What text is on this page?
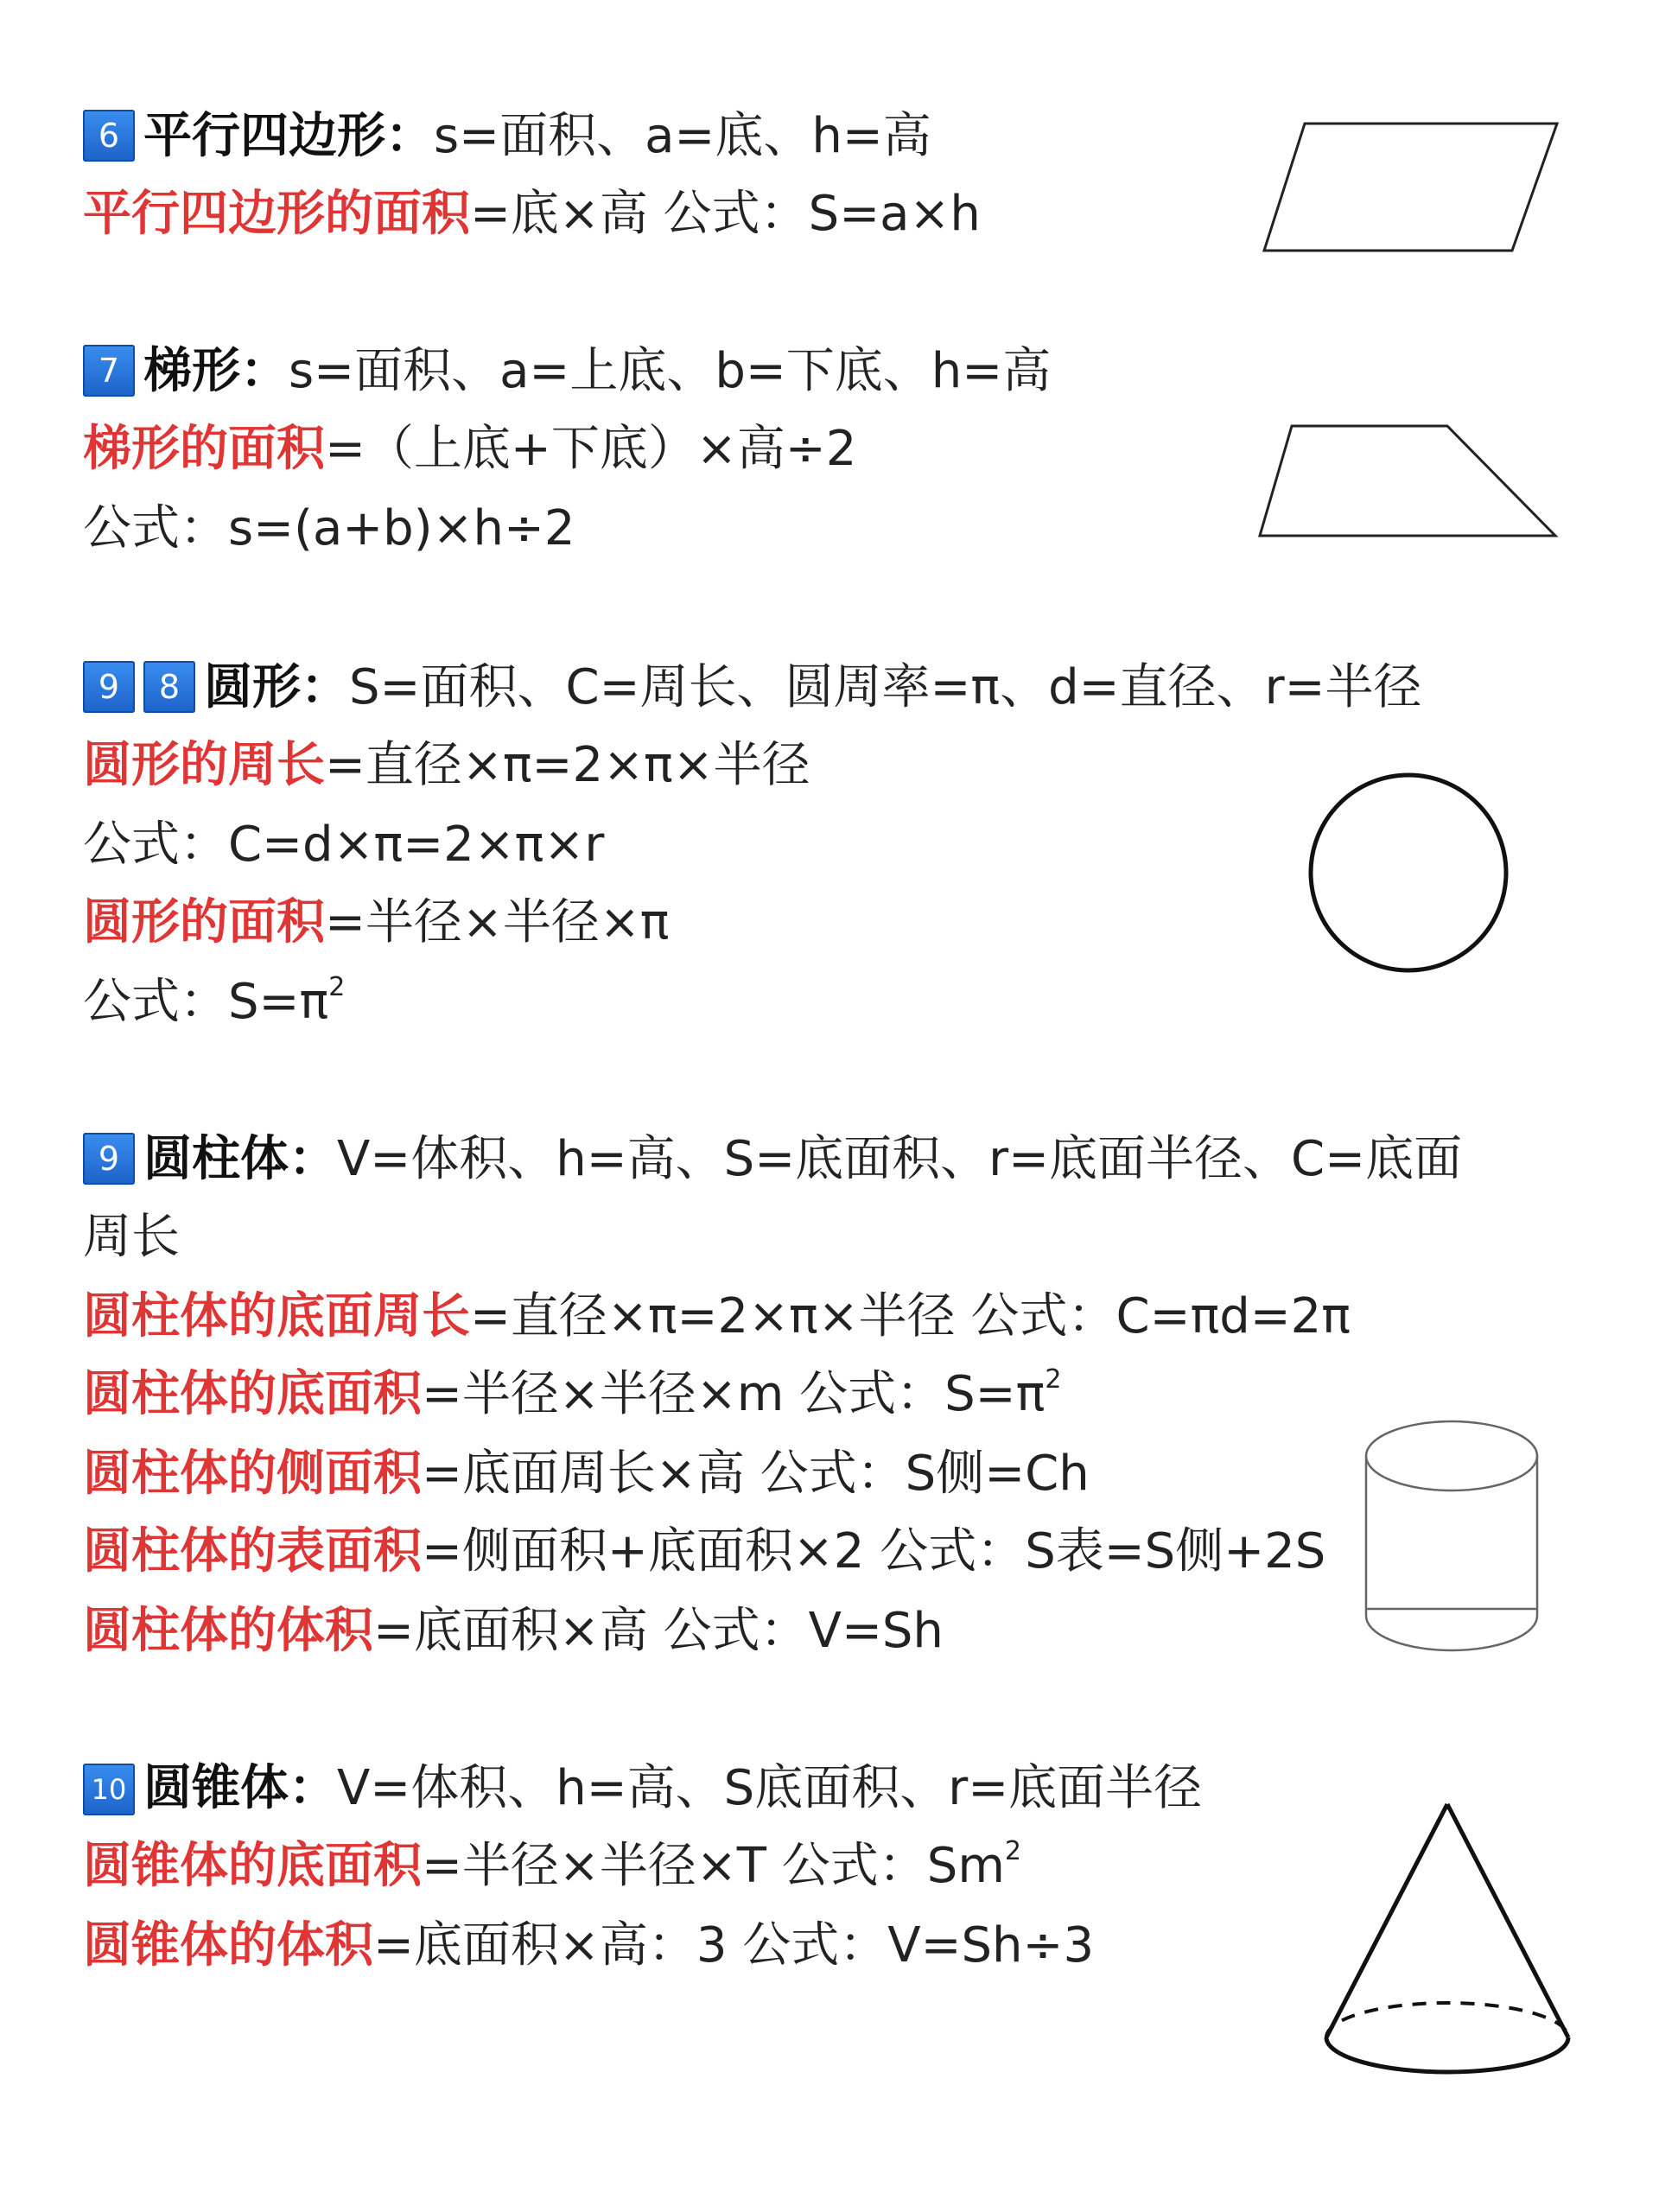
6 平行四边形：s=面积、a=底、h=高
平行四边形的面积=底×高 公式：S=a×h
7 梯形：s=面积、a=上底、b=下底、h=高
梯形的面积=（上底+下底）×高÷2
公式：s=(a+b)×h÷2
9 8 圆形：S=面积、C=周长、圆周率=π、d=直径、r=半径
圆形的周长=直径×π=2×π×半径
公式：C=d×π=2×π×r
圆形的面积=半径×半径×π
公式：$S=\pi^2$
9 圆柱体：V=体积、h=高、S=底面积、r=底面半径、C=底面
周长
圆柱体的底面周长=直径×π=2×π×半径 公式：C=πd=2π
圆柱体的底面积=半径×半径×m 公式：$S=\pi^2$
圆柱体的侧面积=底面周长×高 公式：S侧=Ch
圆柱体的表面积=侧面积+底面积×2 公式：S表=S侧+2S
圆柱体的体积=底面积×高 公式：V=Sh
10 圆锥体：V=体积、h=高、S底面积、r=底面半径
圆锥体的底面积=半径×半径×T 公式：Sm$^2$
圆锥体的体积=底面积×高：3 公式：V=Sh÷3
